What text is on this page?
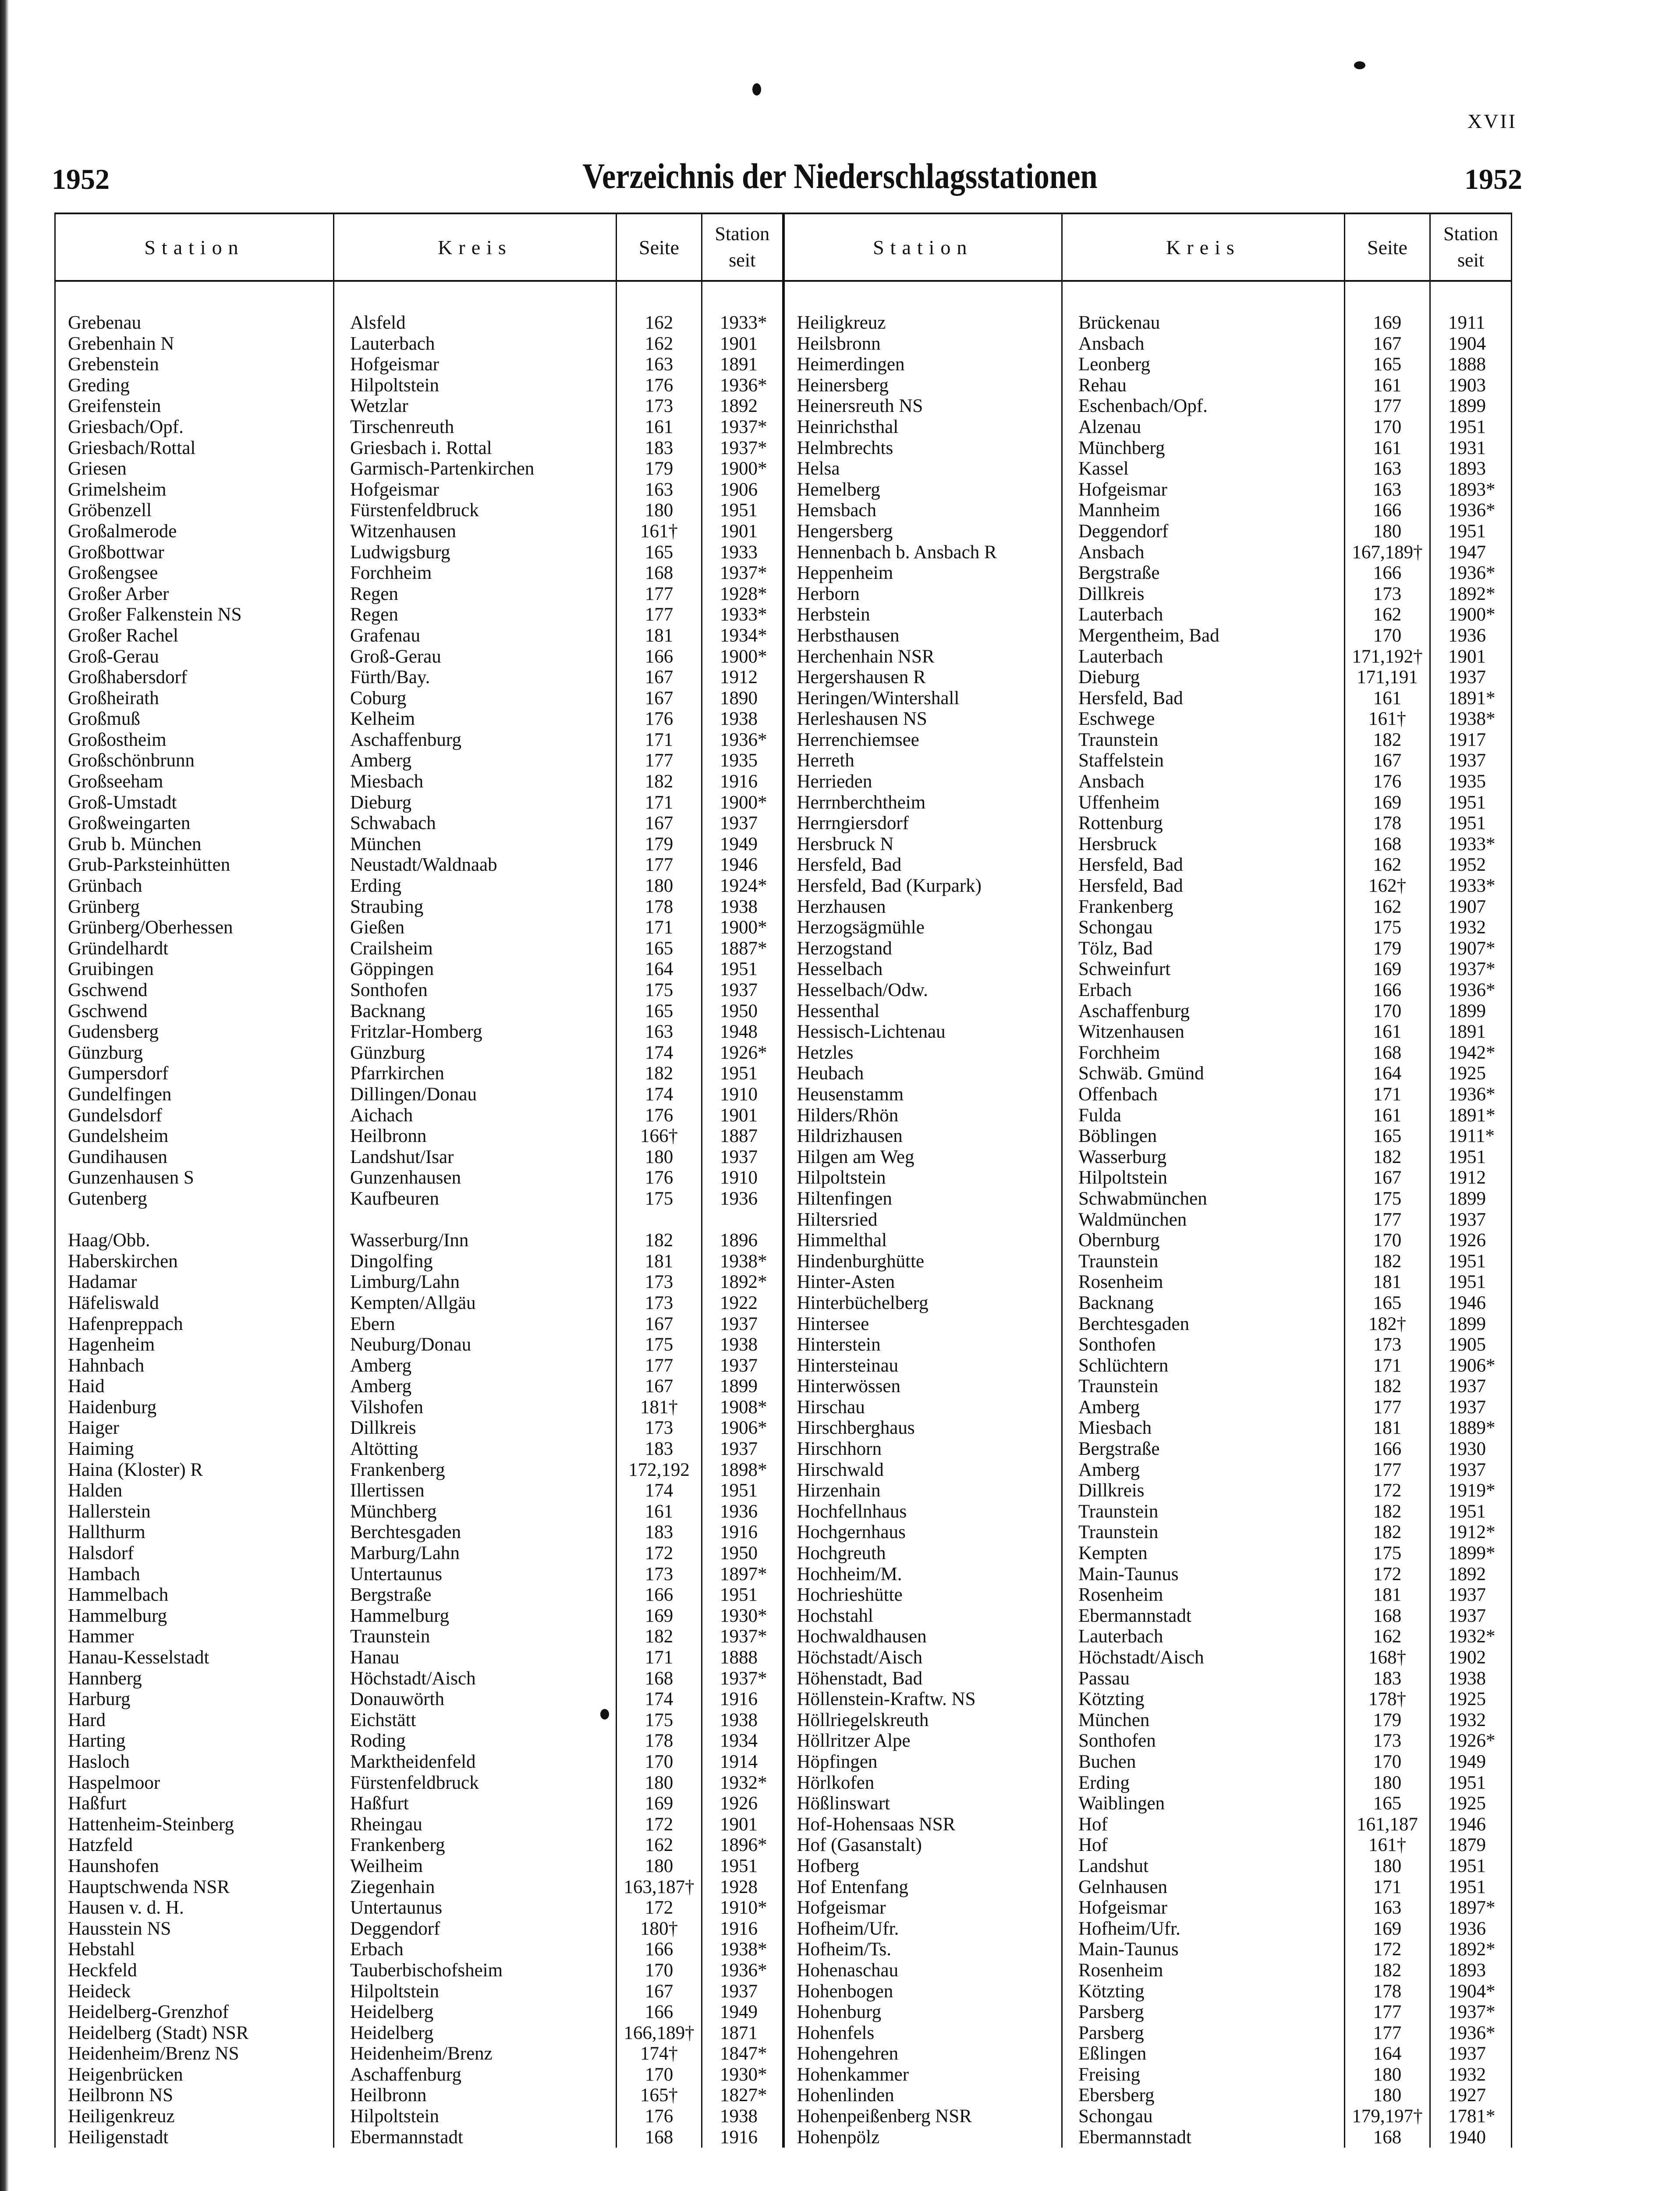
XVII
1952	Verzeichnis der Niederschlagsstationen	1952
Station	Kreis	Seite	Station seit	Station	Kreis	Seite	Station seit

Grebenau	Alsfeld	162	1933*	Heiligkreuz	Brückenau	169	1911
Grebenhain N	Lauterbach	162	1901	Heilsbronn	Ansbach	167	1904
Grebenstein	Hofgeismar	163	1891	Heimerdingen	Leonberg	165	1888
Greding	Hilpoltstein	176	1936*	Heinersberg	Rehau	161	1903
Greifenstein	Wetzlar	173	1892	Heinersreuth NS	Eschenbach/Opf.	177	1899
Griesbach/Opf.	Tirschenreuth	161	1937*	Heinrichsthal	Alzenau	170	1951
Griesbach/Rottal	Griesbach i. Rottal	183	1937*	Helmbrechts	Münchberg	161	1931
Griesen	Garmisch-Partenkirchen	179	1900*	Helsa	Kassel	163	1893
Grimelsheim	Hofgeismar	163	1906	Hemelberg	Hofgeismar	163	1893*
Gröbenzell	Fürstenfeldbruck	180	1951	Hemsbach	Mannheim	166	1936*
Großalmerode	Witzenhausen	161†	1901	Hengersberg	Deggendorf	180	1951
Großbottwar	Ludwigsburg	165	1933	Hennenbach b. Ansbach R	Ansbach	167,189†	1947
Großengsee	Forchheim	168	1937*	Heppenheim	Bergstraße	166	1936*
Großer Arber	Regen	177	1928*	Herborn	Dillkreis	173	1892*
Großer Falkenstein NS	Regen	177	1933*	Herbstein	Lauterbach	162	1900*
Großer Rachel	Grafenau	181	1934*	Herbsthausen	Mergentheim, Bad	170	1936
Groß-Gerau	Groß-Gerau	166	1900*	Herchenhain NSR	Lauterbach	171,192†	1901
Großhabersdorf	Fürth/Bay.	167	1912	Hergershausen R	Dieburg	171,191	1937
Großheirath	Coburg	167	1890	Heringen/Wintershall	Hersfeld, Bad	161	1891*
Großmuß	Kelheim	176	1938	Herleshausen NS	Eschwege	161†	1938*
Großostheim	Aschaffenburg	171	1936*	Herrenchiemsee	Traunstein	182	1917
Großschönbrunn	Amberg	177	1935	Herreth	Staffelstein	167	1937
Großseeham	Miesbach	182	1916	Herrieden	Ansbach	176	1935
Groß-Umstadt	Dieburg	171	1900*	Herrnberchtheim	Uffenheim	169	1951
Großweingarten	Schwabach	167	1937	Herrngiersdorf	Rottenburg	178	1951
Grub b. München	München	179	1949	Hersbruck N	Hersbruck	168	1933*
Grub-Parksteinhütten	Neustadt/Waldnaab	177	1946	Hersfeld, Bad	Hersfeld, Bad	162	1952
Grünbach	Erding	180	1924*	Hersfeld, Bad (Kurpark)	Hersfeld, Bad	162†	1933*
Grünberg	Straubing	178	1938	Herzhausen	Frankenberg	162	1907
Grünberg/Oberhessen	Gießen	171	1900*	Herzogsägmühle	Schongau	175	1932
Gründelhardt	Crailsheim	165	1887*	Herzogstand	Tölz, Bad	179	1907*
Gruibingen	Göppingen	164	1951	Hesselbach	Schweinfurt	169	1937*
Gschwend	Sonthofen	175	1937	Hesselbach/Odw.	Erbach	166	1936*
Gschwend	Backnang	165	1950	Hessenthal	Aschaffenburg	170	1899
Gudensberg	Fritzlar-Homberg	163	1948	Hessisch-Lichtenau	Witzenhausen	161	1891
Günzburg	Günzburg	174	1926*	Hetzles	Forchheim	168	1942*
Gumpersdorf	Pfarrkirchen	182	1951	Heubach	Schwäb. Gmünd	164	1925
Gundelfingen	Dillingen/Donau	174	1910	Heusenstamm	Offenbach	171	1936*
Gundelsdorf	Aichach	176	1901	Hilders/Rhön	Fulda	161	1891*
Gundelsheim	Heilbronn	166†	1887	Hildrizhausen	Böblingen	165	1911*
Gundihausen	Landshut/Isar	180	1937	Hilgen am Weg	Wasserburg	182	1951
Gunzenhausen S	Gunzenhausen	176	1910	Hilpoltstein	Hilpoltstein	167	1912
Gutenberg	Kaufbeuren	175	1936	Hiltenfingen	Schwabmünchen	175	1899
				Hiltersried	Waldmünchen	177	1937
Haag/Obb.	Wasserburg/Inn	182	1896	Himmelthal	Obernburg	170	1926
Haberskirchen	Dingolfing	181	1938*	Hindenburghütte	Traunstein	182	1951
Hadamar	Limburg/Lahn	173	1892*	Hinter-Asten	Rosenheim	181	1951
Häfeliswald	Kempten/Allgäu	173	1922	Hinterbüchelberg	Backnang	165	1946
Hafenpreppach	Ebern	167	1937	Hintersee	Berchtesgaden	182†	1899
Hagenheim	Neuburg/Donau	175	1938	Hinterstein	Sonthofen	173	1905
Hahnbach	Amberg	177	1937	Hintersteinau	Schlüchtern	171	1906*
Haid	Amberg	167	1899	Hinterwössen	Traunstein	182	1937
Haidenburg	Vilshofen	181†	1908*	Hirschau	Amberg	177	1937
Haiger	Dillkreis	173	1906*	Hirschberghaus	Miesbach	181	1889*
Haiming	Altötting	183	1937	Hirschhorn	Bergstraße	166	1930
Haina (Kloster) R	Frankenberg	172,192	1898*	Hirschwald	Amberg	177	1937
Halden	Illertissen	174	1951	Hirzenhain	Dillkreis	172	1919*
Hallerstein	Münchberg	161	1936	Hochfellnhaus	Traunstein	182	1951
Hallthurm	Berchtesgaden	183	1916	Hochgernhaus	Traunstein	182	1912*
Halsdorf	Marburg/Lahn	172	1950	Hochgreuth	Kempten	175	1899*
Hambach	Untertaunus	173	1897*	Hochheim/M.	Main-Taunus	172	1892
Hammelbach	Bergstraße	166	1951	Hochrieshütte	Rosenheim	181	1937
Hammelburg	Hammelburg	169	1930*	Hochstahl	Ebermannstadt	168	1937
Hammer	Traunstein	182	1937*	Hochwaldhausen	Lauterbach	162	1932*
Hanau-Kesselstadt	Hanau	171	1888	Höchstadt/Aisch	Höchstadt/Aisch	168†	1902
Hannberg	Höchstadt/Aisch	168	1937*	Höhenstadt, Bad	Passau	183	1938
Harburg	Donauwörth	174	1916	Höllenstein-Kraftw. NS	Kötzting	178†	1925
Hard	Eichstätt	175	1938	Höllriegelskreuth	München	179	1932
Harting	Roding	178	1934	Höllritzer Alpe	Sonthofen	173	1926*
Hasloch	Marktheidenfeld	170	1914	Höpfingen	Buchen	170	1949
Haspelmoor	Fürstenfeldbruck	180	1932*	Hörlkofen	Erding	180	1951
Haßfurt	Haßfurt	169	1926	Hößlinswart	Waiblingen	165	1925
Hattenheim-Steinberg	Rheingau	172	1901	Hof-Hohensaas NSR	Hof	161,187	1946
Hatzfeld	Frankenberg	162	1896*	Hof (Gasanstalt)	Hof	161†	1879
Haunshofen	Weilheim	180	1951	Hofberg	Landshut	180	1951
Hauptschwenda NSR	Ziegenhain	163,187†	1928	Hof Entenfang	Gelnhausen	171	1951
Hausen v. d. H.	Untertaunus	172	1910*	Hofgeismar	Hofgeismar	163	1897*
Hausstein NS	Deggendorf	180†	1916	Hofheim/Ufr.	Hofheim/Ufr.	169	1936
Hebstahl	Erbach	166	1938*	Hofheim/Ts.	Main-Taunus	172	1892*
Heckfeld	Tauberbischofsheim	170	1936*	Hohenaschau	Rosenheim	182	1893
Heideck	Hilpoltstein	167	1937	Hohenbogen	Kötzting	178	1904*
Heidelberg-Grenzhof	Heidelberg	166	1949	Hohenburg	Parsberg	177	1937*
Heidelberg (Stadt) NSR	Heidelberg	166,189†	1871	Hohenfels	Parsberg	177	1936*
Heidenheim/Brenz NS	Heidenheim/Brenz	174†	1847*	Hohengehren	Eßlingen	164	1937
Heigenbrücken	Aschaffenburg	170	1930*	Hohenkammer	Freising	180	1932
Heilbronn NS	Heilbronn	165†	1827*	Hohenlinden	Ebersberg	180	1927
Heiligenkreuz	Hilpoltstein	176	1938	Hohenpeißenberg NSR	Schongau	179,197†	1781*
Heiligenstadt	Ebermannstadt	168	1916	Hohenpölz	Ebermannstadt	168	1940
